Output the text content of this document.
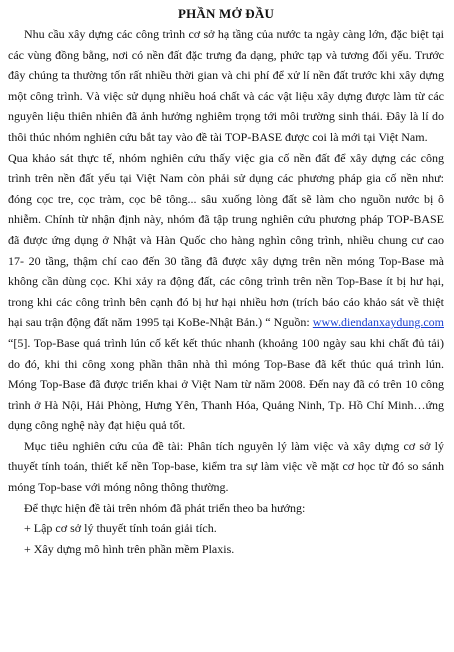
PHẦN MỞ ĐẦU

Nhu cầu xây dựng các công trình cơ sở hạ tầng của nước ta ngày càng lớn, đặc biệt tại các vùng đồng bằng, nơi có nền đất đặc trưng đa dạng, phức tạp và tương đối yếu. Trước đây chúng ta thường tốn rất nhiều thời gian và chi phí để xử lí nền đất trước khi xây dựng một công trình. Và việc sử dụng nhiều hoá chất và các vật liệu xây dựng được làm từ các nguyên liệu thiên nhiên đã ảnh hưởng nghiêm trọng tới môi trường sinh thái. Đây là lí do thôi thúc nhóm nghiên cứu bắt tay vào đề tài TOP-BASE được coi là mới tại Việt Nam.

Qua khảo sát thực tế, nhóm nghiên cứu thấy việc gia cố nền đất để xây dựng các công trình trên nền đất yếu tại Việt Nam còn phải sử dụng các phương pháp gia cố nền như: đóng cọc tre, cọc tràm, cọc bê tông... sâu xuống lòng đất sẽ làm cho nguồn nước bị ô nhiễm. Chính từ nhận định này, nhóm đã tập trung nghiên cứu phương pháp TOP-BASE đã được ứng dụng ở Nhật và Hàn Quốc cho hàng nghìn công trình, nhiều chung cư cao 17- 20 tầng, thậm chí cao đến 30 tầng đã được xây dựng trên nền móng Top-Base mà không cần dùng cọc. Khi xảy ra động đất, các công trình trên nền Top-Base ít bị hư hại, trong khi các công trình bên cạnh đó bị hư hại nhiều hơn (trích báo cáo khảo sát về thiệt hại sau trận động đất năm 1995 tại KoBe-Nhật Bản.) “ Nguồn: www.diendanxaydung.com “[5]. Top-Base quá trình lún cố kết kết thúc nhanh (khoảng 100 ngày sau khi chất đủ tải) do đó, khi thi công xong phần thân nhà thì móng Top-Base đã kết thúc quá trình lún. Móng Top-Base đã được triển khai ở Việt Nam từ năm 2008. Đến nay đã có trên 10 công trình ở Hà Nội, Hải Phòng, Hưng Yên, Thanh Hóa, Quảng Ninh, Tp. Hồ Chí Minh…ứng dụng công nghệ này đạt hiệu quả tốt.

Mục tiêu nghiên cứu của đề tài: Phân tích nguyên lý làm việc và xây dựng cơ sở lý thuyết tính toán, thiết kế nền Top-base, kiểm tra sự làm việc về mặt cơ học từ đó so sánh móng Top-base với móng nông thông thường.

Để thực hiện đề tài trên nhóm đã phát triển theo ba hướng:

+ Lập cơ sở lý thuyết tính toán giải tích.

+ Xây dựng mô hình trên phần mềm Plaxis.
